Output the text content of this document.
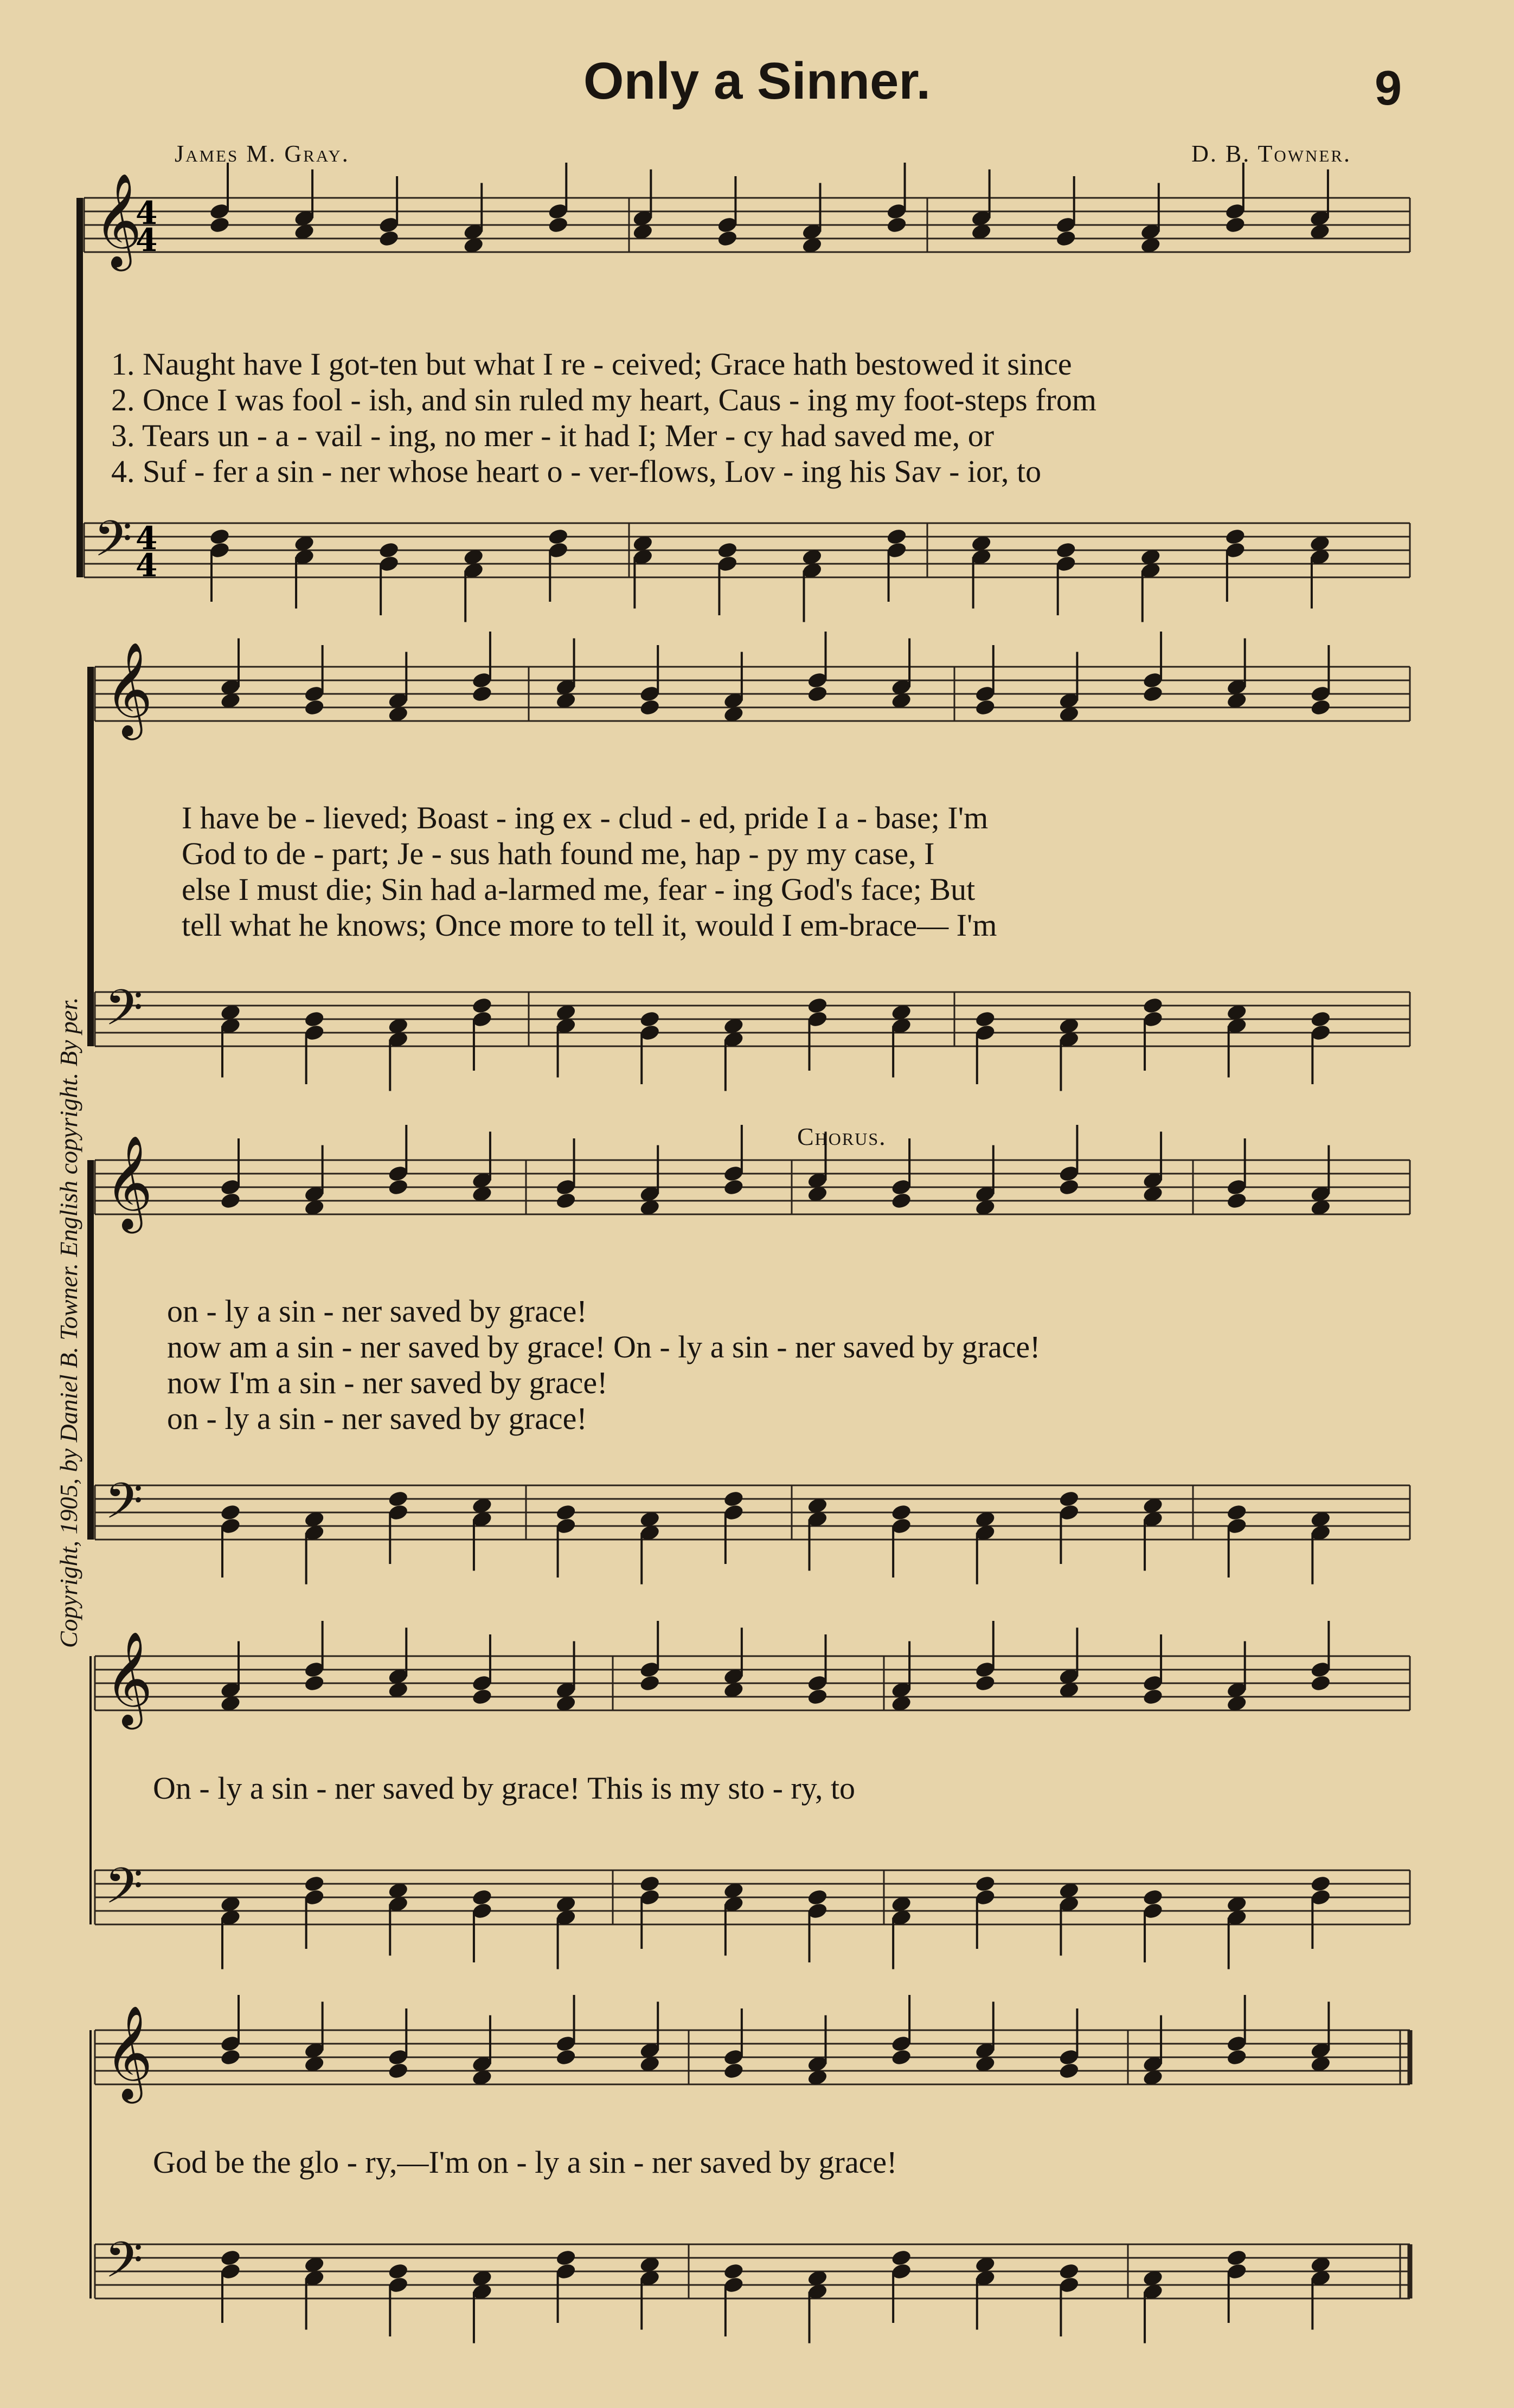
Only a Sinner.	9
James M. Gray.	D. B. Towner.
Copyright, 1905, by Daniel B. Towner. English copyright. By per.	Chorus.
𝄞
𝄢
𝄞
𝄢
𝄞
𝄢
𝄞
𝄢
𝄞
𝄢
4
4
4
4
1. Naught have I got-ten but what I re - ceived; Grace hath bestowed it since
2. Once I was fool - ish, and sin ruled my heart, Caus - ing my foot-steps from
3. Tears un - a - vail - ing, no mer - it had I; Mer - cy had saved me, or
4. Suf - fer a sin - ner whose heart o - ver-flows, Lov - ing his Sav - ior, to
I have be - lieved; Boast - ing ex - clud - ed, pride I a - base; I'm
God to de - part; Je - sus hath found me, hap - py my case, I
else I must die; Sin had a-larmed me, fear - ing God's face; But
tell what he knows; Once more to tell it, would I em-brace— I'm
on - ly a sin - ner saved by grace!
now am a sin - ner saved by grace! On - ly a sin - ner saved by grace!
now I'm a sin - ner saved by grace!
on - ly a sin - ner saved by grace!
On - ly a sin - ner saved by grace! This is my sto - ry, to
God be the glo - ry,—I'm on - ly a sin - ner saved by grace!
